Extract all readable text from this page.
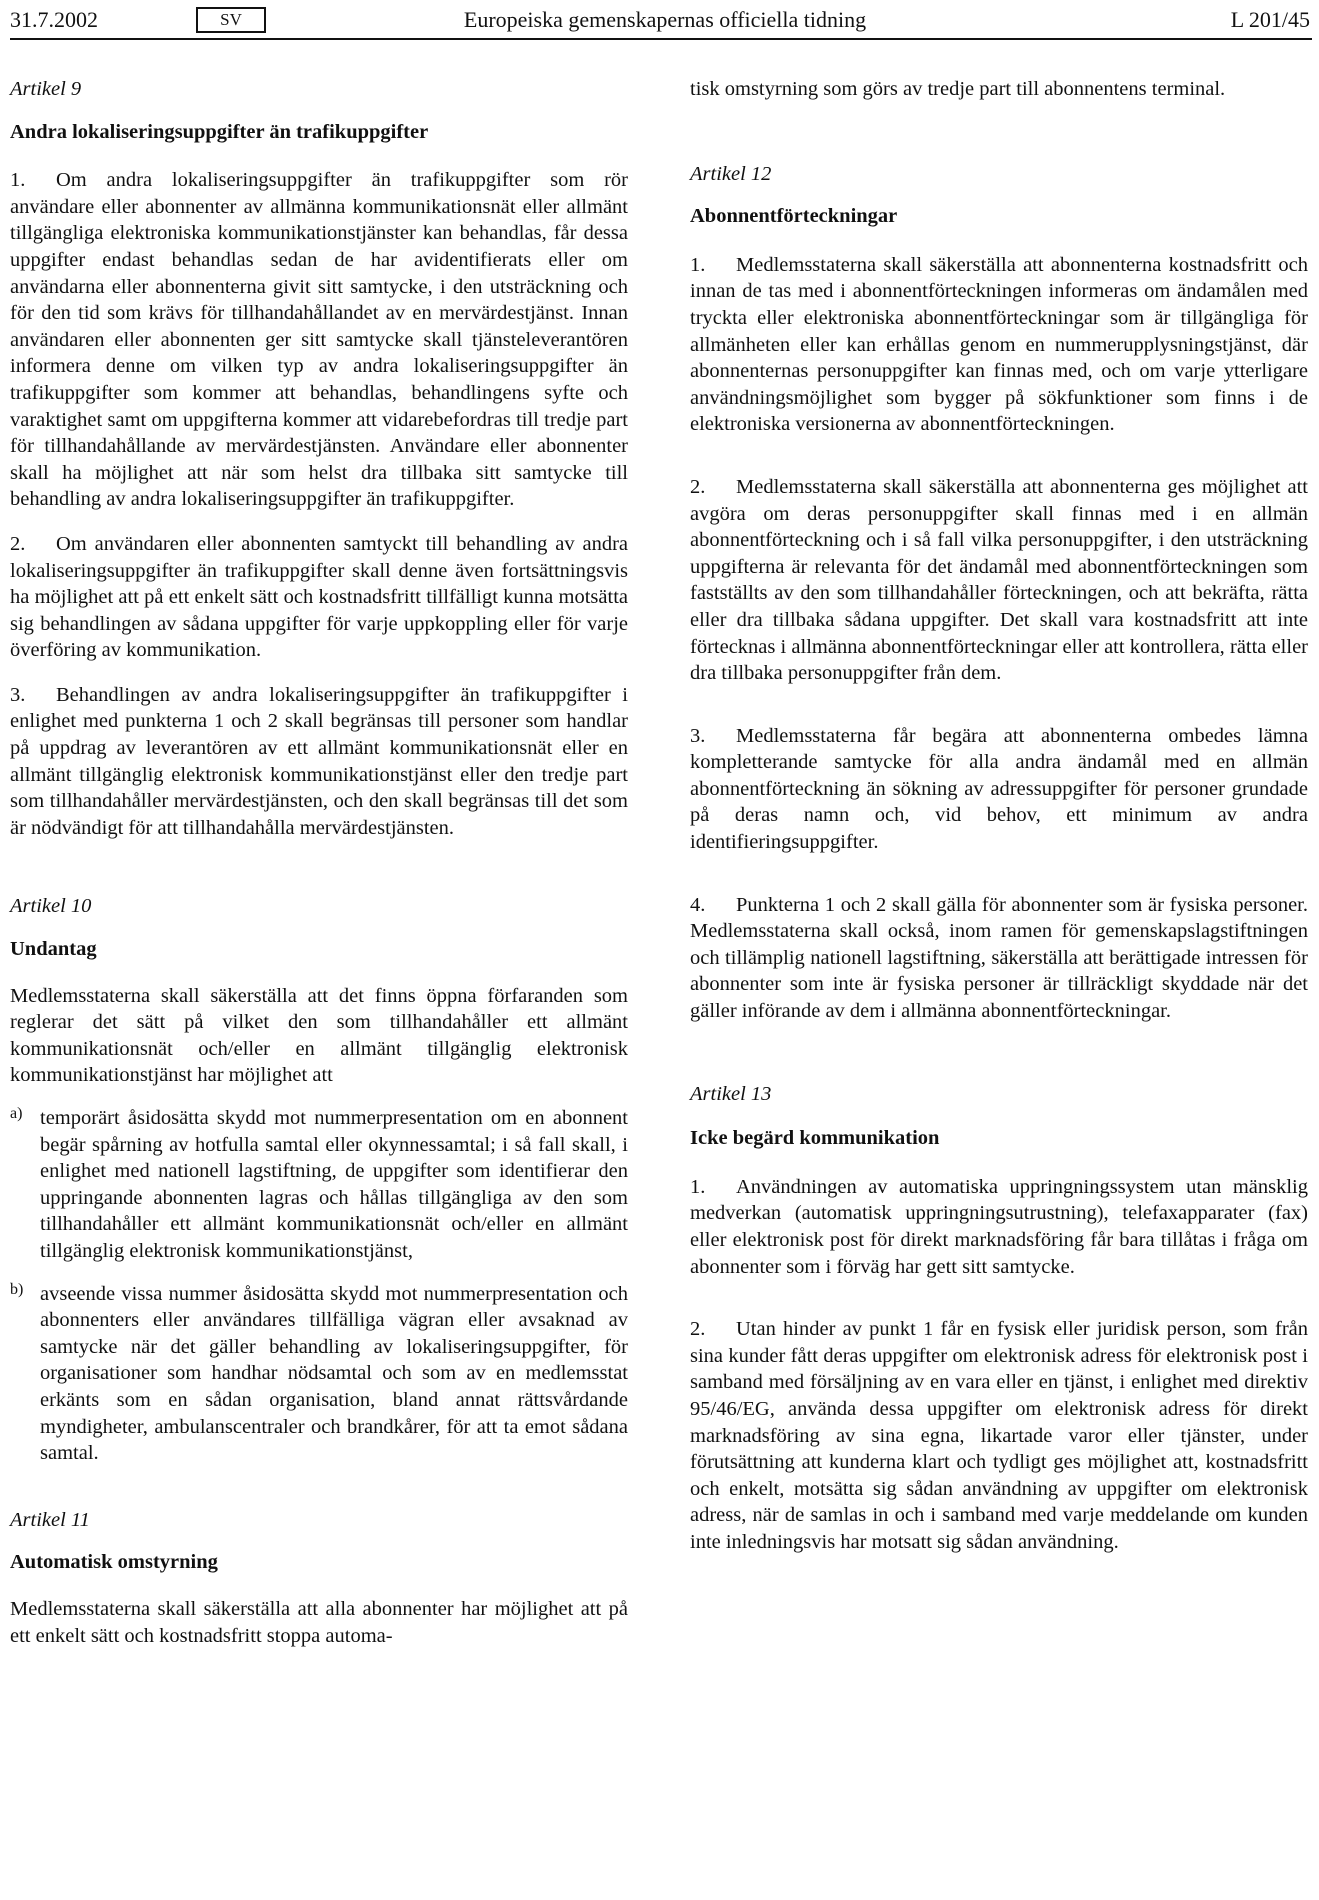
31.7.2002	SV	Europeiska gemenskapernas officiella tidning	L 201/45

Artikel 9

Andra lokaliseringsuppgifter än trafikuppgifter

1. Om andra lokaliseringsuppgifter än trafikuppgifter som rör användare eller abonnenter av allmänna kommunikationsnät eller allmänt tillgängliga elektroniska kommunikationstjänster kan behandlas, får dessa uppgifter endast behandlas sedan de har avidentifierats eller om användarna eller abonnenterna givit sitt samtycke, i den utsträckning och för den tid som krävs för tillhandahållandet av en mervärdestjänst. Innan användaren eller abonnenten ger sitt samtycke skall tjänsteleverantören informera denne om vilken typ av andra lokaliseringsuppgifter än trafikuppgifter som kommer att behandlas, behandlingens syfte och varaktighet samt om uppgifterna kommer att vidarebefordras till tredje part för tillhandahållande av mervärdestjänsten. Användare eller abonnenter skall ha möjlighet att när som helst dra tillbaka sitt samtycke till behandling av andra lokaliseringsuppgifter än trafikuppgifter.

2. Om användaren eller abonnenten samtyckt till behandling av andra lokaliseringsuppgifter än trafikuppgifter skall denne även fortsättningsvis ha möjlighet att på ett enkelt sätt och kostnadsfritt tillfälligt kunna motsätta sig behandlingen av sådana uppgifter för varje uppkoppling eller för varje överföring av kommunikation.

3. Behandlingen av andra lokaliseringsuppgifter än trafikuppgifter i enlighet med punkterna 1 och 2 skall begränsas till personer som handlar på uppdrag av leverantören av ett allmänt kommunikationsnät eller en allmänt tillgänglig elektronisk kommunikationstjänst eller den tredje part som tillhandahåller mervärdestjänsten, och den skall begränsas till det som är nödvändigt för att tillhandahålla mervärdestjänsten.

Artikel 10

Undantag

Medlemsstaterna skall säkerställa att det finns öppna förfaranden som reglerar det sätt på vilket den som tillhandahåller ett allmänt kommunikationsnät och/eller en allmänt tillgänglig elektronisk kommunikationstjänst har möjlighet att

a) temporärt åsidosätta skydd mot nummerpresentation om en abonnent begär spårning av hotfulla samtal eller okynnessamtal; i så fall skall, i enlighet med nationell lagstiftning, de uppgifter som identifierar den uppringande abonnenten lagras och hållas tillgängliga av den som tillhandahåller ett allmänt kommunikationsnät och/eller en allmänt tillgänglig elektronisk kommunikationstjänst,

b) avseende vissa nummer åsidosätta skydd mot nummerpresentation och abonnenters eller användares tillfälliga vägran eller avsaknad av samtycke när det gäller behandling av lokaliseringsuppgifter, för organisationer som handhar nödsamtal och som av en medlemsstat erkänts som en sådan organisation, bland annat rättsvårdande myndigheter, ambulanscentraler och brandkårer, för att ta emot sådana samtal.

Artikel 11

Automatisk omstyrning

Medlemsstaterna skall säkerställa att alla abonnenter har möjlighet att på ett enkelt sätt och kostnadsfritt stoppa automa-

tisk omstyrning som görs av tredje part till abonnentens terminal.

Artikel 12

Abonnentförteckningar

1. Medlemsstaterna skall säkerställa att abonnenterna kostnadsfritt och innan de tas med i abonnentförteckningen informeras om ändamålen med tryckta eller elektroniska abonnentförteckningar som är tillgängliga för allmänheten eller kan erhållas genom en nummerupplysningstjänst, där abonnenternas personuppgifter kan finnas med, och om varje ytterligare användningsmöjlighet som bygger på sökfunktioner som finns i de elektroniska versionerna av abonnentförteckningen.

2. Medlemsstaterna skall säkerställa att abonnenterna ges möjlighet att avgöra om deras personuppgifter skall finnas med i en allmän abonnentförteckning och i så fall vilka personuppgifter, i den utsträckning uppgifterna är relevanta för det ändamål med abonnentförteckningen som fastställts av den som tillhandahåller förteckningen, och att bekräfta, rätta eller dra tillbaka sådana uppgifter. Det skall vara kostnadsfritt att inte förtecknas i allmänna abonnentförteckningar eller att kontrollera, rätta eller dra tillbaka personuppgifter från dem.

3. Medlemsstaterna får begära att abonnenterna ombedes lämna kompletterande samtycke för alla andra ändamål med en allmän abonnentförteckning än sökning av adressuppgifter för personer grundade på deras namn och, vid behov, ett minimum av andra identifieringsuppgifter.

4. Punkterna 1 och 2 skall gälla för abonnenter som är fysiska personer. Medlemsstaterna skall också, inom ramen för gemenskapslagstiftningen och tillämplig nationell lagstiftning, säkerställa att berättigade intressen för abonnenter som inte är fysiska personer är tillräckligt skyddade när det gäller införande av dem i allmänna abonnentförteckningar.

Artikel 13

Icke begärd kommunikation

1. Användningen av automatiska uppringningssystem utan mänsklig medverkan (automatisk uppringningsutrustning), telefaxapparater (fax) eller elektronisk post för direkt marknadsföring får bara tillåtas i fråga om abonnenter som i förväg har gett sitt samtycke.

2. Utan hinder av punkt 1 får en fysisk eller juridisk person, som från sina kunder fått deras uppgifter om elektronisk adress för elektronisk post i samband med försäljning av en vara eller en tjänst, i enlighet med direktiv 95/46/EG, använda dessa uppgifter om elektronisk adress för direkt marknadsföring av sina egna, likartade varor eller tjänster, under förutsättning att kunderna klart och tydligt ges möjlighet att, kostnadsfritt och enkelt, motsätta sig sådan användning av uppgifter om elektronisk adress, när de samlas in och i samband med varje meddelande om kunden inte inledningsvis har motsatt sig sådan användning.
